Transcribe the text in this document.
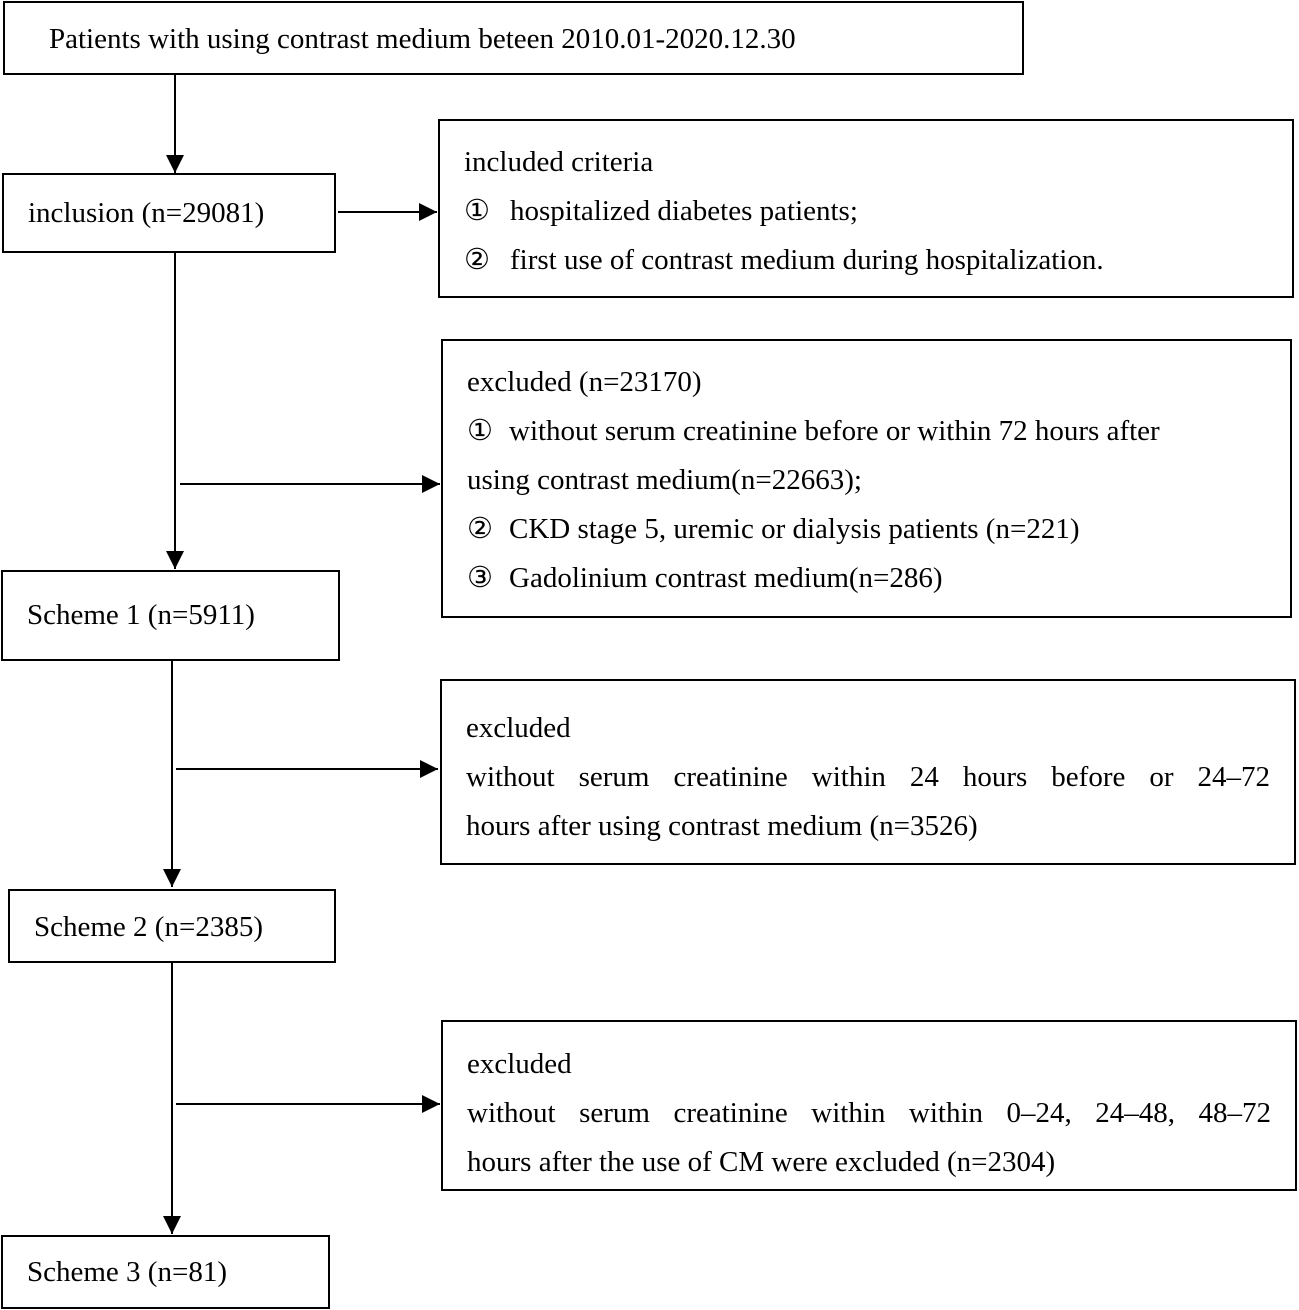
Patients with using contrast medium beteen 2010.01-2020.12.30
inclusion (n=29081)
included criteria
① hospitalized diabetes patients;
② first use of contrast medium during hospitalization.
excluded (n=23170)
① without serum creatinine before or within 72 hours after
using contrast medium(n=22663);
② CKD stage 5, uremic or dialysis patients (n=221)
③ Gadolinium contrast medium(n=286)
Scheme 1 (n=5911)
excluded
without serum creatinine within 24 hours before or 24–72
hours after using contrast medium (n=3526)
Scheme 2 (n=2385)
excluded
without serum creatinine within within 0–24, 24–48, 48–72
hours after the use of CM were excluded (n=2304)
Scheme 3 (n=81)
